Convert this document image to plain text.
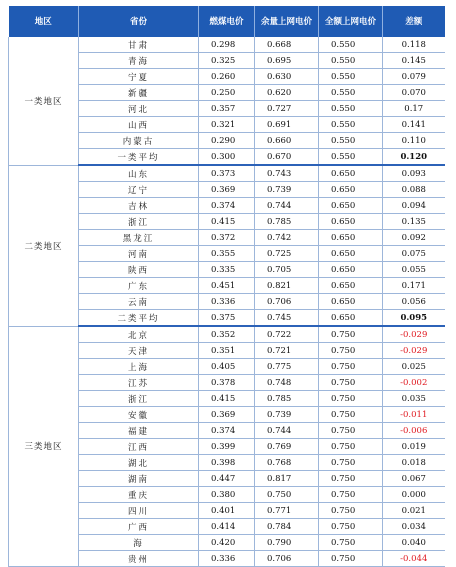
地区	省份	燃煤电价	余量上网电价	全额上网电价	差额
一类地区	甘肃	0.298	0.668	0.550	0.118
	青海	0.325	0.695	0.550	0.145
	宁夏	0.260	0.630	0.550	0.079
	新疆	0.250	0.620	0.550	0.070
	河北	0.357	0.727	0.550	0.17
	山西	0.321	0.691	0.550	0.141
	内蒙古	0.290	0.660	0.550	0.110
	一类平均	0.300	0.670	0.550	0.120
二类地区	山东	0.373	0.743	0.650	0.093
	辽宁	0.369	0.739	0.650	0.088
	吉林	0.374	0.744	0.650	0.094
	浙江	0.415	0.785	0.650	0.135
	黑龙江	0.372	0.742	0.650	0.092
	河南	0.355	0.725	0.650	0.075
	陕西	0.335	0.705	0.650	0.055
	广东	0.451	0.821	0.650	0.171
	云南	0.336	0.706	0.650	0.056
	二类平均	0.375	0.745	0.650	0.095
三类地区	北京	0.352	0.722	0.750	-0.029
	天津	0.351	0.721	0.750	-0.029
	上海	0.405	0.775	0.750	0.025
	江苏	0.378	0.748	0.750	-0.002
	浙江	0.415	0.785	0.750	0.035
	安徽	0.369	0.739	0.750	-0.011
	福建	0.374	0.744	0.750	-0.006
	江西	0.399	0.769	0.750	0.019
	湖北	0.398	0.768	0.750	0.018
	湖南	0.447	0.817	0.750	0.067
	重庆	0.380	0.750	0.750	0.000
	四川	0.401	0.771	0.750	0.021
	广西	0.414	0.784	0.750	0.034
	海	0.420	0.790	0.750	0.040
	贵州	0.336	0.706	0.750	-0.044
